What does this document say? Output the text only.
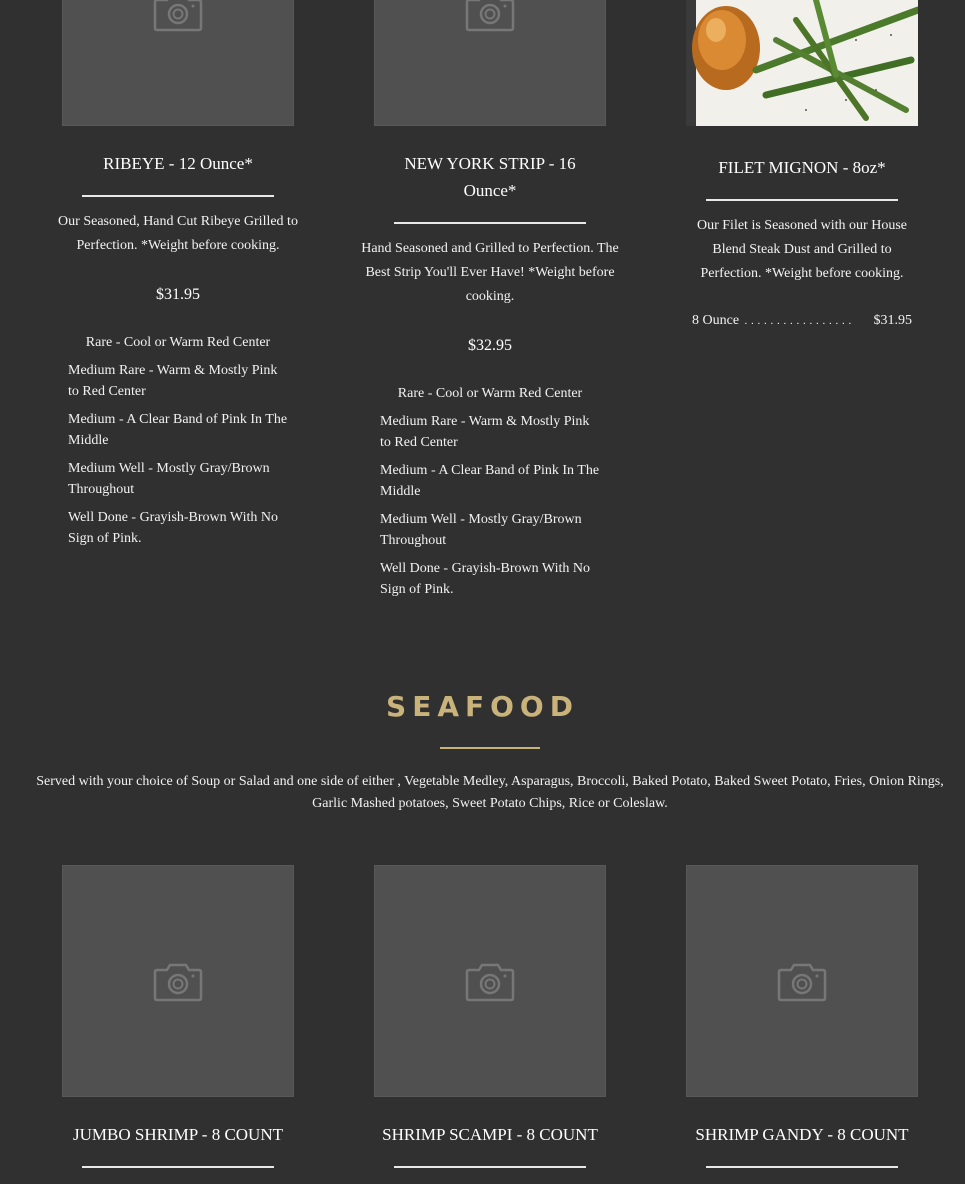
RIBEYE - 12 Ounce*
Our Seasoned, Hand Cut Ribeye Grilled to Perfection. *Weight before cooking.
$31.95
Rare - Cool or Warm Red Center
Medium Rare - Warm & Mostly Pink to Red Center
Medium - A Clear Band of Pink In The Middle
Medium Well - Mostly Gray/Brown Throughout
Well Done - Grayish-Brown With No Sign of Pink.
NEW YORK STRIP - 16 Ounce*
Hand Seasoned and Grilled to Perfection. The Best Strip You'll Ever Have! *Weight before cooking.
$32.95
Rare - Cool or Warm Red Center
Medium Rare - Warm & Mostly Pink to Red Center
Medium - A Clear Band of Pink In The Middle
Medium Well - Mostly Gray/Brown Throughout
Well Done - Grayish-Brown With No Sign of Pink.
FILET MIGNON - 8oz*
Our Filet is Seasoned with our House Blend Steak Dust and Grilled to Perfection. *Weight before cooking.
8 Ounce . . . . . . . . . . . . . . . . . $31.95
SEAFOOD
Served with your choice of Soup or Salad and one side of either , Vegetable Medley, Asparagus, Broccoli, Baked Potato, Baked Sweet Potato, Fries, Onion Rings, Garlic Mashed potatoes, Sweet Potato Chips, Rice or Coleslaw.
JUMBO SHRIMP - 8 COUNT	SHRIMP SCAMPI - 8 COUNT	SHRIMP GANDY - 8 COUNT
